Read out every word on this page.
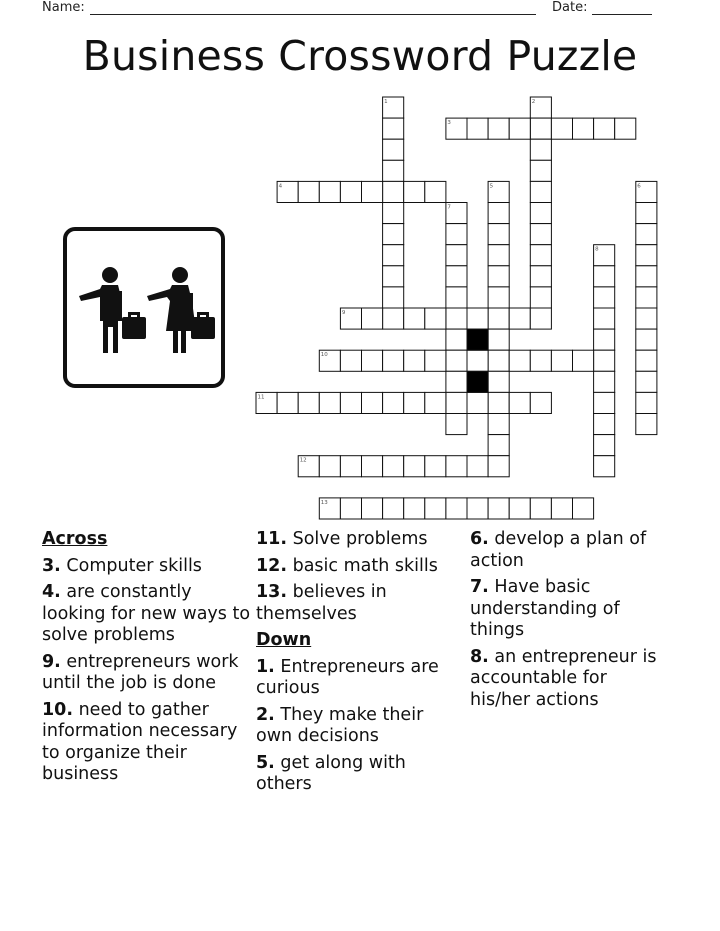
Name:	Date:
Business Crossword Puzzle
1	2
3
4	5	6
7
8
9
10
11
12
13
Across
3. Computer skills
4. are constantly looking for new ways to solve problems
9. entrepreneurs work until the job is done
10. need to gather information necessary to organize their business
11. Solve problems
12. basic math skills
13. believes in themselves
Down
1. Entrepreneurs are curious
2. They make their own decisions
5. get along with others
6. develop a plan of action
7. Have basic understanding of things
8. an entrepreneur is accountable for his/her actions
